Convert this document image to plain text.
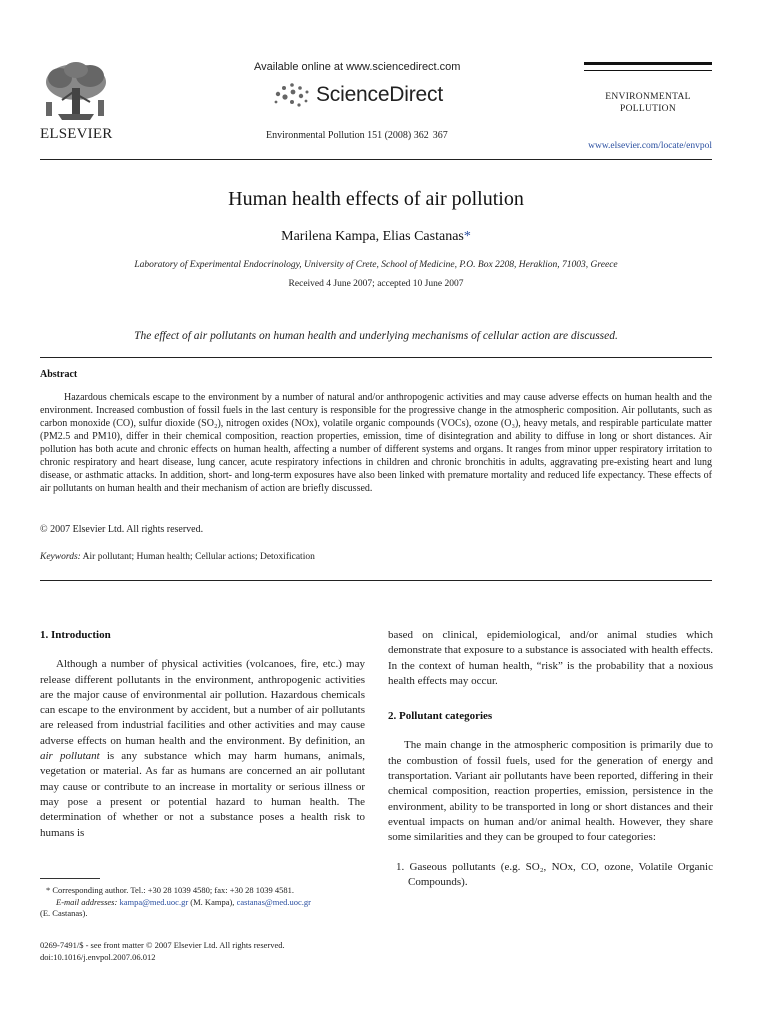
ELSEVIER
Available online at www.sciencedirect.com
ScienceDirect
Environmental Pollution 151 (2008) 362  367
ENVIRONMENTAL
POLLUTION
www.elsevier.com/locate/envpol
Human health effects of air pollution
Marilena Kampa, Elias Castanas*
Laboratory of Experimental Endocrinology, University of Crete, School of Medicine, P.O. Box 2208, Heraklion, 71003, Greece
Received 4 June 2007; accepted 10 June 2007
The effect of air pollutants on human health and underlying mechanisms of cellular action are discussed.
Abstract

Hazardous chemicals escape to the environment by a number of natural and/or anthropogenic activities and may cause adverse effects on human health and the environment. Increased combustion of fossil fuels in the last century is responsible for the progressive change in the atmospheric composition. Air pollutants, such as carbon monoxide (CO), sulfur dioxide (SO₂), nitrogen oxides (NOx), volatile organic compounds (VOCs), ozone (O₃), heavy metals, and respirable particulate matter (PM2.5 and PM10), differ in their chemical composition, reaction properties, emission, time of disintegration and ability to diffuse in long or short distances. Air pollution has both acute and chronic effects on human health, affecting a number of different systems and organs. It ranges from minor upper respiratory irritation to chronic respiratory and heart disease, lung cancer, acute respiratory infections in children and chronic bronchitis in adults, aggravating pre-existing heart and lung disease, or asthmatic attacks. In addition, short- and long-term exposures have also been linked with premature mortality and reduced life expectancy. These effects of air pollutants on human health and their mechanism of action are briefly discussed.

© 2007 Elsevier Ltd. All rights reserved.
Keywords: Air pollutant; Human health; Cellular actions; Detoxification
1. Introduction

Although a number of physical activities (volcanoes, fire, etc.) may release different pollutants in the environment, anthropogenic activities are the major cause of environmental air pollution. Hazardous chemicals can escape to the environment by accident, but a number of air pollutants are released from industrial facilities and other activities and may cause adverse effects on human health and the environment. By definition, an air pollutant is any substance which may harm humans, animals, vegetation or material. As far as humans are concerned an air pollutant may cause or contribute to an increase in mortality or serious illness or may pose a present or potential hazard to human health. The determination of whether or not a substance poses a health risk to humans is

based on clinical, epidemiological, and/or animal studies which demonstrate that exposure to a substance is associated with health effects. In the context of human health, “risk” is the probability that a noxious health effects may occur.

2. Pollutant categories

The main change in the atmospheric composition is primarily due to the combustion of fossil fuels, used for the generation of energy and transportation. Variant air pollutants have been reported, differing in their chemical composition, reaction properties, emission, persistence in the environment, ability to be transported in long or short distances and their eventual impacts on human and/or animal health. However, they share some similarities and they can be grouped to four categories:

1. Gaseous pollutants (e.g. SO₂, NOx, CO, ozone, Volatile Organic Compounds).

* Corresponding author. Tel.: +30 28 1039 4580; fax: +30 28 1039 4581.
E-mail addresses: kampa@med.uoc.gr (M. Kampa), castanas@med.uoc.gr
(E. Castanas).
0269-7491/$ - see front matter © 2007 Elsevier Ltd. All rights reserved.
doi:10.1016/j.envpol.2007.06.012
